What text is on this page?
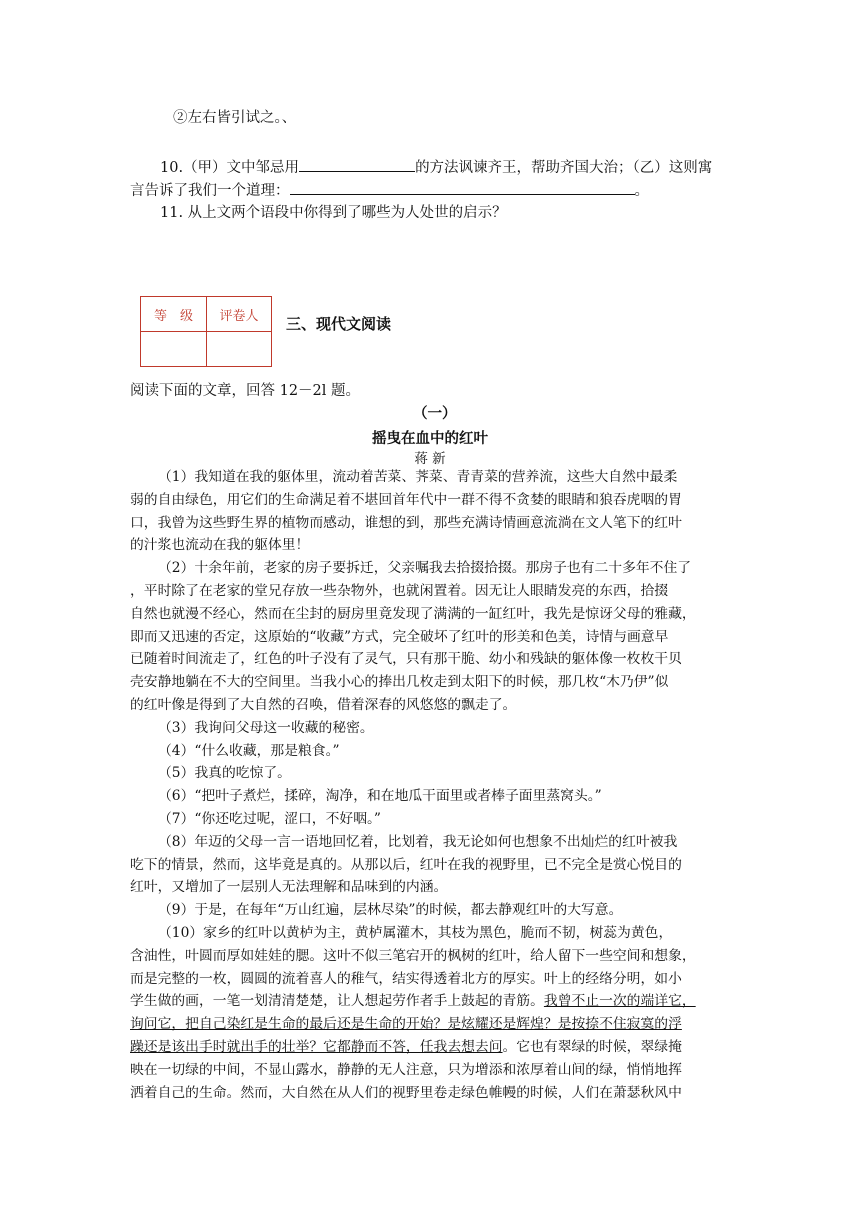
②左右皆引试之。、
10.（甲）文中邹忌用	的方法讽谏齐王，帮助齐国大治；（乙）这则寓
言告诉了我们一个道理：	。
11. 从上文两个语段中你得到了哪些为人处世的启示？
等　级	评卷人
	三、现代文阅读
阅读下面的文章，回答 12－2l 题。
（一）
摇曳在血中的红叶
蒋 新
（1）我知道在我的躯体里，流动着苦菜、荠菜、青青菜的营养流，这些大自然中最柔
弱的自由绿色，用它们的生命满足着不堪回首年代中一群不得不贪婪的眼睛和狼吞虎咽的胃
口，我曾为这些野生界的植物而感动，谁想的到，那些充满诗情画意流淌在文人笔下的红叶
的汁浆也流动在我的躯体里！
（2）十余年前，老家的房子要拆迁，父亲嘱我去拾掇拾掇。那房子也有二十多年不住了
，平时除了在老家的堂兄存放一些杂物外，也就闲置着。因无让人眼睛发亮的东西，拾掇
自然也就漫不经心，然而在尘封的厨房里竟发现了满满的一缸红叶，我先是惊讶父母的雅藏，
即而又迅速的否定，这原始的“收藏”方式，完全破坏了红叶的形美和色美，诗情与画意早
已随着时间流走了，红色的叶子没有了灵气，只有那干脆、幼小和残缺的躯体像一枚枚干贝
壳安静地躺在不大的空间里。当我小心的捧出几枚走到太阳下的时候，那几枚“木乃伊”似
的红叶像是得到了大自然的召唤，借着深春的风悠悠的飘走了。
（3）我询问父母这一收藏的秘密。
（4）“什么收藏，那是粮食。”
（5）我真的吃惊了。
（6）“把叶子煮烂，揉碎，淘净，和在地瓜干面里或者棒子面里蒸窝头。”
（7）“你还吃过呢，涩口，不好咽。”
（8）年迈的父母一言一语地回忆着，比划着，我无论如何也想象不出灿烂的红叶被我
吃下的情景，然而，这毕竟是真的。从那以后，红叶在我的视野里，已不完全是赏心悦目的
红叶，又增加了一层别人无法理解和品味到的内涵。
（9）于是，在每年“万山红遍，层林尽染”的时候，都去静观红叶的大写意。
（10）家乡的红叶以黄栌为主，黄栌属灌木，其枝为黑色，脆而不韧，树蕊为黄色，
含油性，叶圆而厚如娃娃的腮。这叶不似三笔宕开的枫树的红叶，给人留下一些空间和想象，
而是完整的一枚，圆圆的流着喜人的稚气，结实得透着北方的厚实。叶上的经络分明，如小
学生做的画，一笔一划清清楚楚，让人想起劳作者手上鼓起的青筋。我曾不止一次的端详它，
询问它，把自己染红是生命的最后还是生命的开始？是炫耀还是辉煌？是按捺不住寂寞的浮
躁还是该出手时就出手的壮举？它都静而不答，任我去想去问。它也有翠绿的时候，翠绿掩
映在一切绿的中间，不显山露水，静静的无人注意，只为增添和浓厚着山间的绿，悄悄地挥
洒着自己的生命。然而，大自然在从人们的视野里卷走绿色帷幔的时候，人们在萧瑟秋风中
